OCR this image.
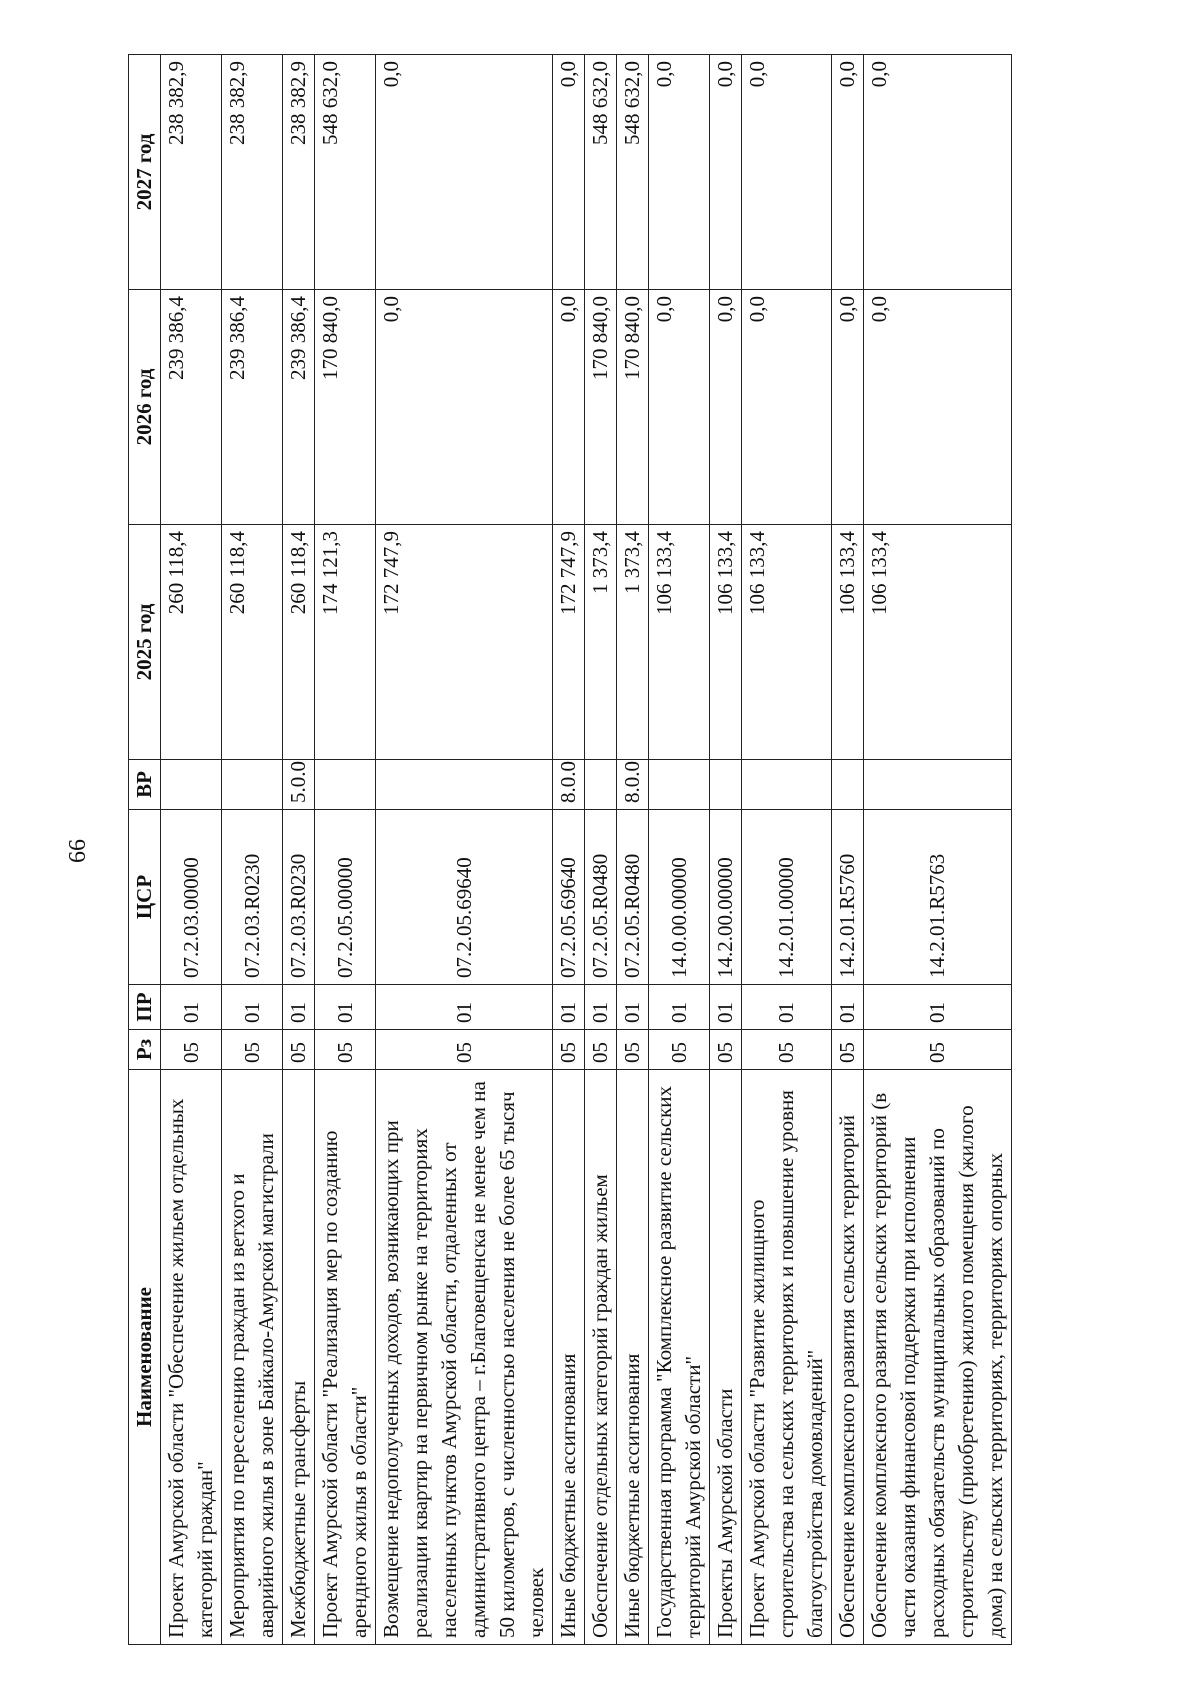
66
Наименование	Рз	ПР	ЦСР	ВР	2025 год	2026 год	2027 год
Проект Амурской области "Обеспечение жильем отдельных категорий граждан"	05	01	07.2.03.00000		260 118,4	239 386,4	238 382,9
Мероприятия по переселению граждан из ветхого и аварийного жилья в зоне Байкало-Амурской магистрали	05	01	07.2.03.R0230		260 118,4	239 386,4	238 382,9
Межбюджетные трансферты	05	01	07.2.03.R0230	5.0.0	260 118,4	239 386,4	238 382,9
Проект Амурской области "Реализация мер по созданию арендного жилья в области"	05	01	07.2.05.00000		174 121,3	170 840,0	548 632,0
Возмещение недополученных доходов, возникающих при реализации квартир на первичном рынке на территориях населенных пунктов Амурской области, отдаленных от административного центра – г.Благовещенска не менее чем на 50 километров, с численностью населения не более 65 тысяч человек	05	01	07.2.05.69640		172 747,9	0,0	0,0
Иные бюджетные ассигнования	05	01	07.2.05.69640	8.0.0	172 747,9	0,0	0,0
Обеспечение отдельных категорий граждан жильем	05	01	07.2.05.R0480		1 373,4	170 840,0	548 632,0
Иные бюджетные ассигнования	05	01	07.2.05.R0480	8.0.0	1 373,4	170 840,0	548 632,0
Государственная программа "Комплексное развитие сельских территорий Амурской области"	05	01	14.0.00.00000		106 133,4	0,0	0,0
Проекты Амурской области	05	01	14.2.00.00000		106 133,4	0,0	0,0
Проект Амурской области "Развитие жилищного строительства на сельских территориях и повышение уровня благоустройства домовладений"	05	01	14.2.01.00000		106 133,4	0,0	0,0
Обеспечение комплексного развития сельских территорий	05	01	14.2.01.R5760		106 133,4	0,0	0,0
Обеспечение комплексного развития сельских территорий (в части оказания финансовой поддержки при исполнении расходных обязательств муниципальных образований по строительству (приобретению) жилого помещения (жилого дома) на сельских территориях, территориях опорных	05	01	14.2.01.R5763		106 133,4	0,0	0,0
